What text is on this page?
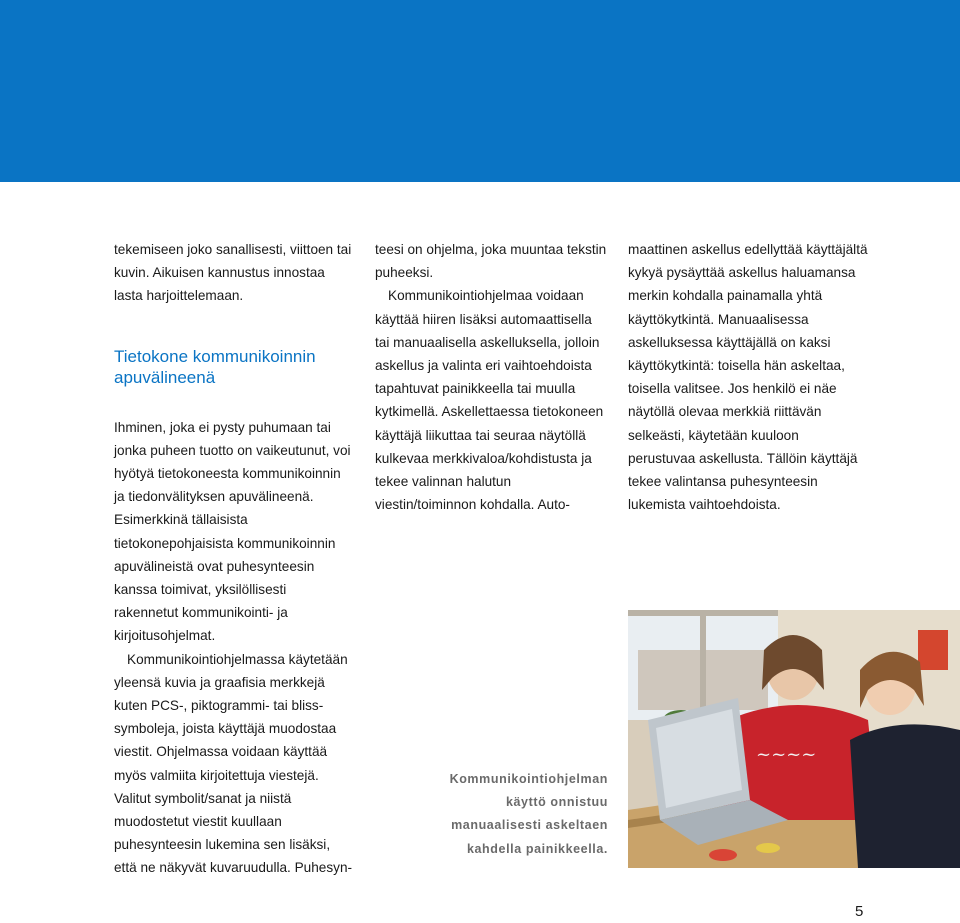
tekemiseen joko sanallisesti, viittoen tai kuvin. Aikuisen kannustus innostaa lasta harjoittelemaan.

Tietokone kommunikoinnin apuvälineenä

Ihminen, joka ei pysty puhumaan tai jonka puheen tuotto on vaikeutunut, voi hyötyä tietokoneesta kommunikoinnin ja tiedonvälityksen apuvälineenä. Esimerkkinä tällaisista tietokonepohjaisista kommunikoinnin apuvälineistä ovat puhesynteesin kanssa toimivat, yksilöllisesti rakennetut kommunikointi- ja kirjoitusohjelmat.

Kommunikointiohjelmassa käytetään yleensä kuvia ja graafisia merkkejä kuten PCS-, piktogrammi- tai bliss-symboleja, joista käyttäjä muodostaa viestit. Ohjelmassa voidaan käyttää myös valmiita kirjoitettuja viestejä. Valitut symbolit/sanat ja niistä muodostetut viestit kuullaan puhesynteesin lukemina sen lisäksi, että ne näkyvät kuvaruudulla. Puhesyn-

teesi on ohjelma, joka muuntaa tekstin puheeksi.

Kommunikointiohjelmaa voidaan käyttää hiiren lisäksi automaattisella tai manuaalisella askelluksella, jolloin askellus ja valinta eri vaihtoehdoista tapahtuvat painikkeella tai muulla kytkimellä. Askellettaessa tietokoneen käyttäjä liikuttaa tai seuraa näytöllä kulkevaa merkkivaloa/kohdistusta ja tekee valinnan halutun viestin/toiminnon kohdalla. Auto-

maattinen askellus edellyttää käyttäjältä kykyä pysäyttää askellus haluamansa merkin kohdalla painamalla yhtä käyttökytkintä. Manuaalisessa askelluksessa käyttäjällä on kaksi käyttökytkintä: toisella hän askeltaa, toisella valitsee. Jos henkilö ei näe näytöllä olevaa merkkiä riittävän selkeästi, käytetään kuuloon perustuvaa askellusta. Tällöin käyttäjä tekee valintansa puhesynteesin lukemista vaihtoehdoista.

Kommunikointiohjelman käyttö onnistuu manuaalisesti askeltaen kahdella painikkeella.
~~~~
5
